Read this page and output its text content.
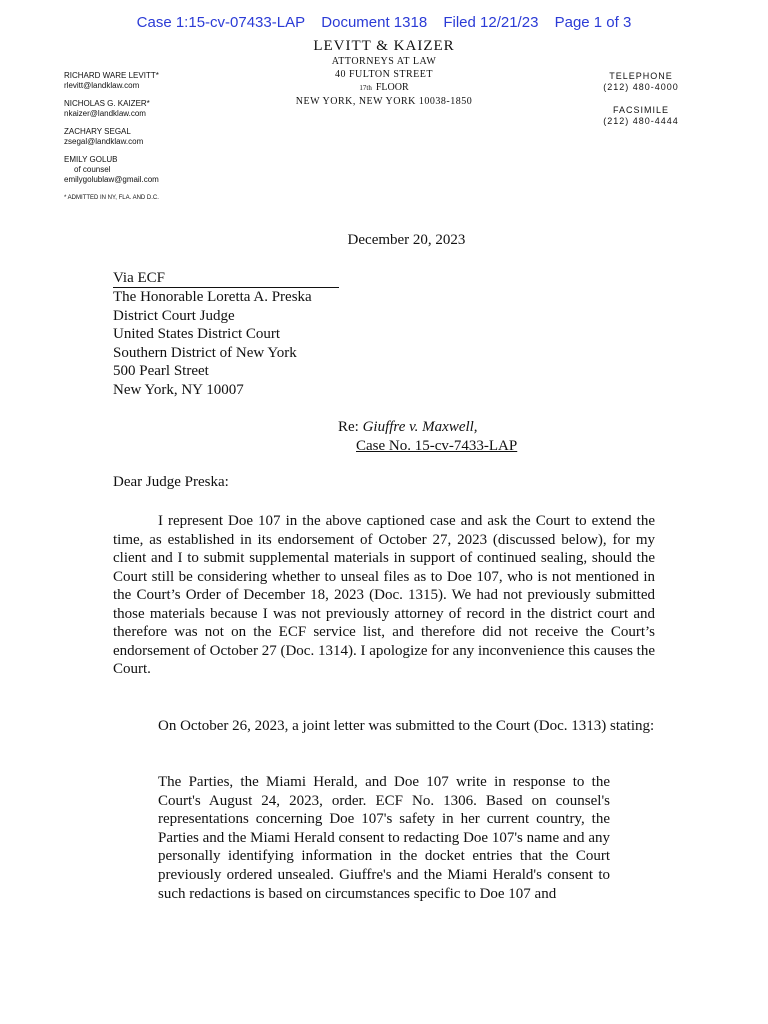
Case 1:15-cv-07433-LAP Document 1318 Filed 12/21/23 Page 1 of 3
LEVITT & KAIZER
ATTORNEYS AT LAW
40 FULTON STREET
17th FLOOR
NEW YORK, NEW YORK 10038-1850
RICHARD WARE LEVITT*
rlevitt@landklaw.com
NICHOLAS G. KAIZER*
nkaizer@landklaw.com
ZACHARY SEGAL
zsegal@landklaw.com
EMILY GOLUB
of counsel
emilygolublaw@gmail.com
* ADMITTED IN NY, FLA. AND D.C.
TELEPHONE
(212) 480-4000
FACSIMILE
(212) 480-4444
December 20, 2023
Via ECF
The Honorable Loretta A. Preska
District Court Judge
United States District Court
Southern District of New York
500 Pearl Street
New York, NY 10007
Re: Giuffre v. Maxwell,
Case No. 15-cv-7433-LAP
Dear Judge Preska:

I represent Doe 107 in the above captioned case and ask the Court to extend the time, as established in its endorsement of October 27, 2023 (discussed below), for my client and I to submit supplemental materials in support of continued sealing, should the Court still be considering whether to unseal files as to Doe 107, who is not mentioned in the Court’s Order of December 18, 2023 (Doc. 1315). We had not previously submitted those materials because I was not previously attorney of record in the district court and therefore was not on the ECF service list, and therefore did not receive the Court’s endorsement of October 27 (Doc. 1314). I apologize for any inconvenience this causes the Court.

On October 26, 2023, a joint letter was submitted to the Court (Doc. 1313) stating:

The Parties, the Miami Herald, and Doe 107 write in response to the Court's August 24, 2023, order. ECF No. 1306. Based on counsel's representations concerning Doe 107's safety in her current country, the Parties and the Miami Herald consent to redacting Doe 107's name and any personally identifying information in the docket entries that the Court previously ordered unsealed. Giuffre's and the Miami Herald's consent to such redactions is based on circumstances specific to Doe 107 and
